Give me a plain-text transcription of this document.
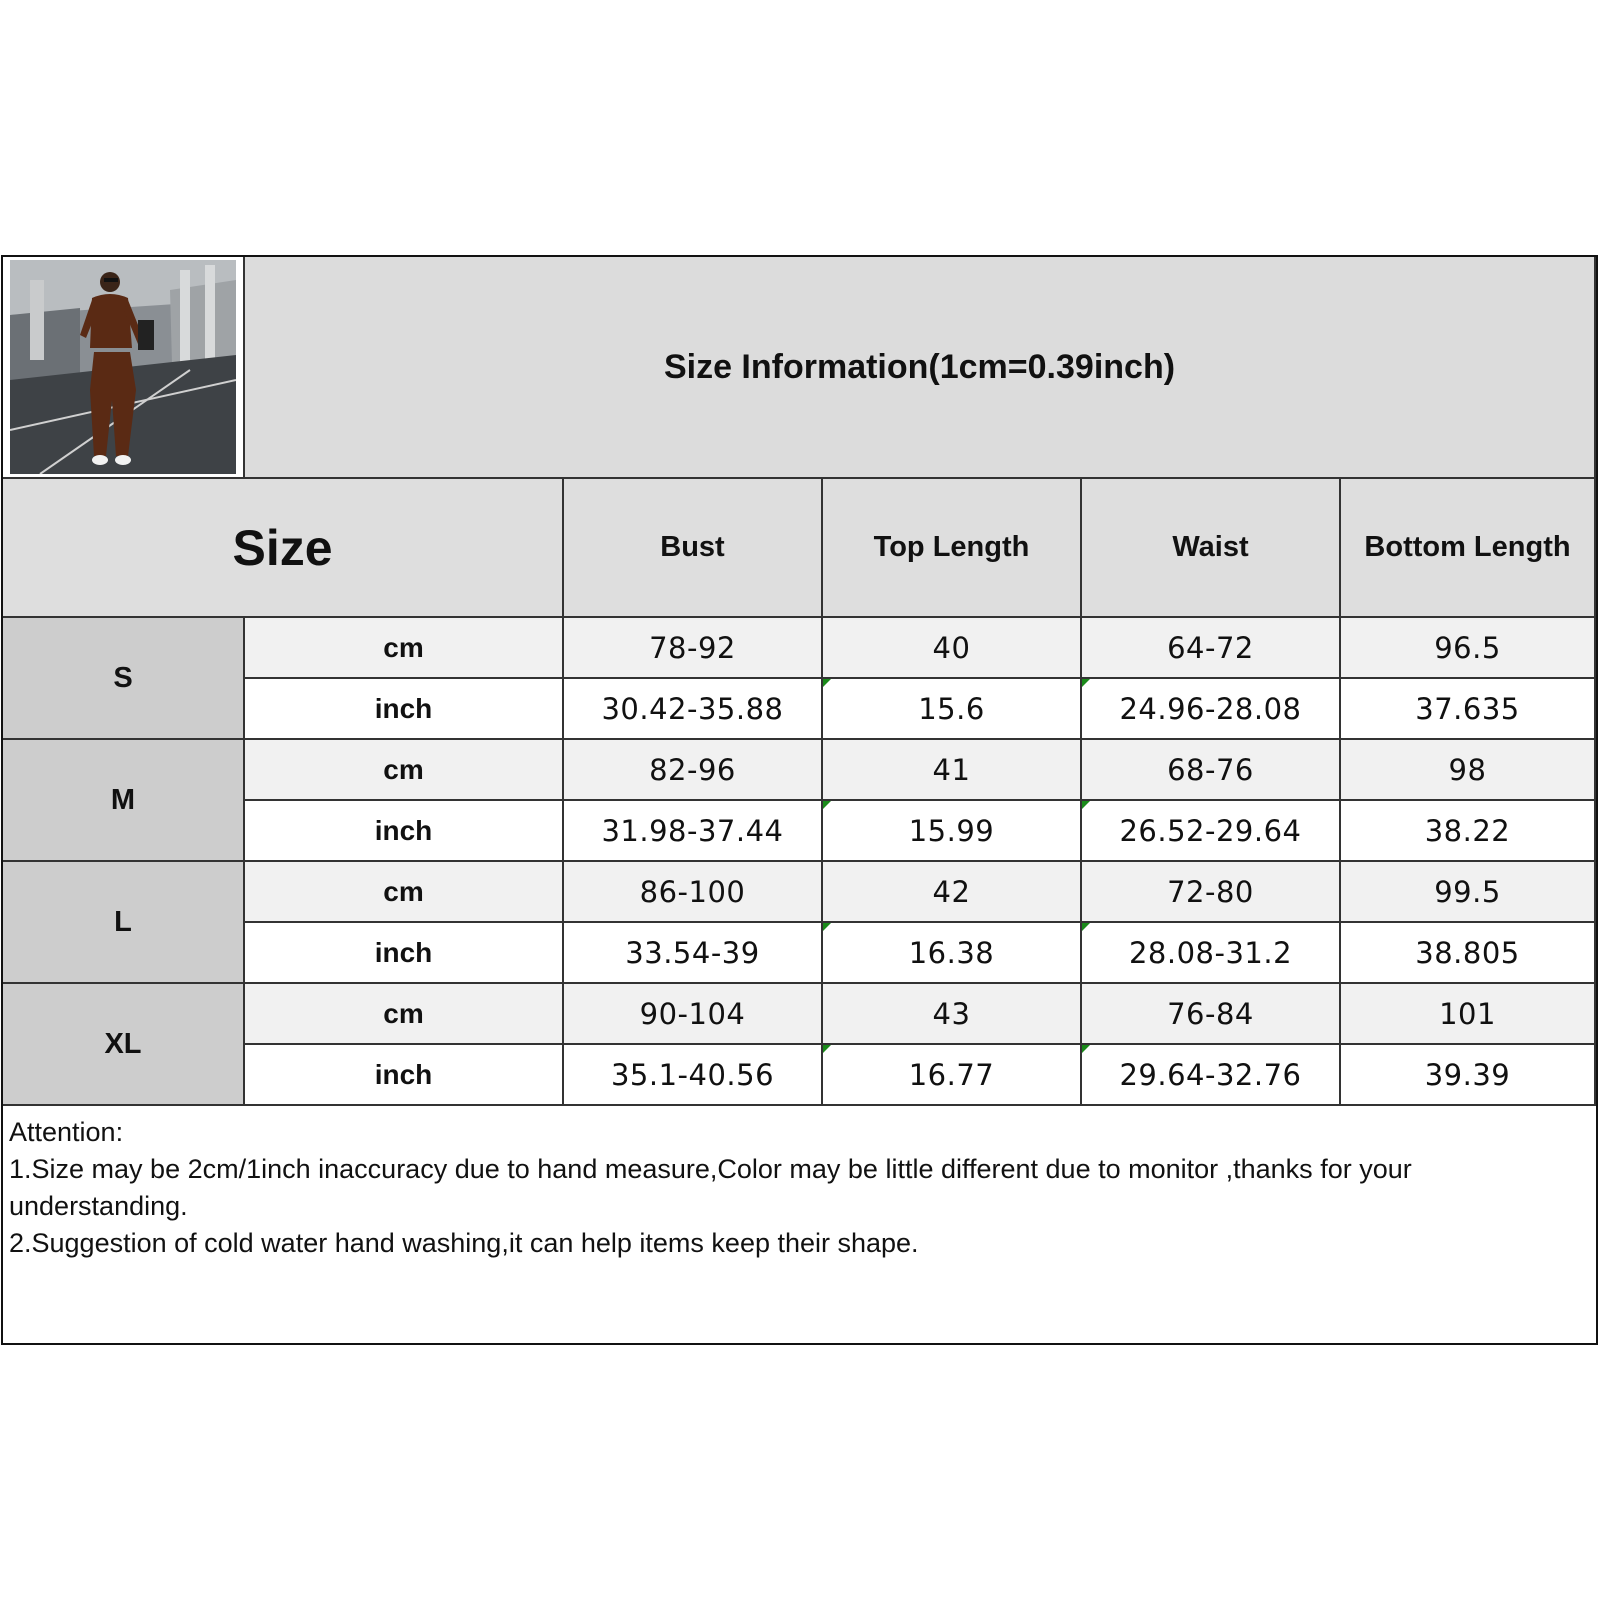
Size Information(1cm=0.39inch)
Size	Bust	Top Length	Waist	Bottom Length
S
cm	78-92	40	64-72	96.5
inch	30.42-35.88	15.6	24.96-28.08	37.635
M
cm	82-96	41	68-76	98
inch	31.98-37.44	15.99	26.52-29.64	38.22
L
cm	86-100	42	72-80	99.5
inch	33.54-39	16.38	28.08-31.2	38.805
XL
cm	90-104	43	76-84	101
inch	35.1-40.56	16.77	29.64-32.76	39.39
Attention:
1.Size may be 2cm/1inch inaccuracy due to hand measure,Color may be little different due to monitor ,thanks for your understanding.
2.Suggestion of cold water hand washing,it can help items keep their shape.
